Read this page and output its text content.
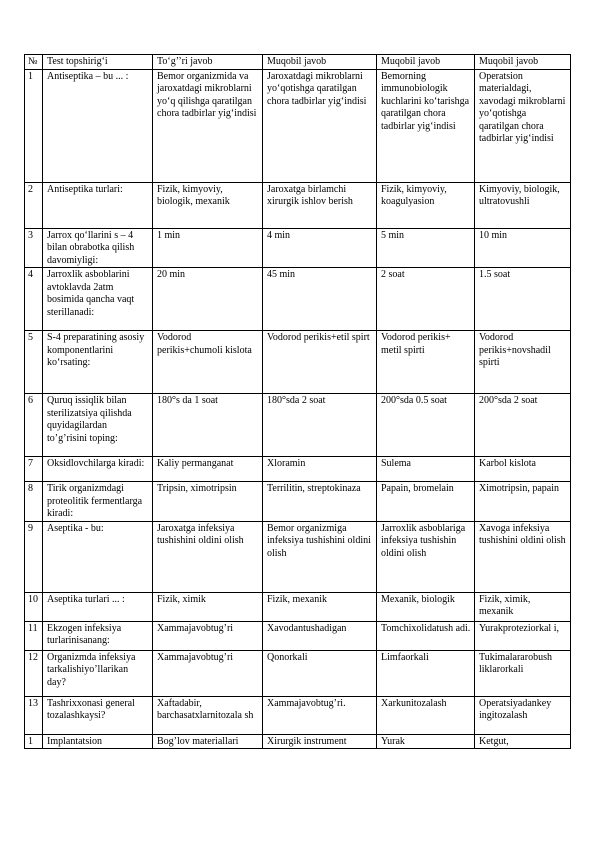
№	Test topshirig‘i	To‘g’’ri javob	Muqobil javob	Muqobil javob	Muqobil javob
1	Antiseptika – bu ... :	Bemor organizmida va jaroxatdagi mikroblarni yo‘q qilishga qaratilgan chora tadbirlar yig‘indisi	Jaroxatdagi mikroblarni yo‘qotishga qaratilgan chora tadbirlar yig‘indisi	Bemorning immunobiologik kuchlarini ko‘tarishga qaratilgan chora tadbirlar yig‘indisi	Operatsion materialdagi, xavodagi mikroblarni yo‘qotishga qaratilgan chora tadbirlar yig‘indisi
2	Antiseptika turlari:	Fizik, kimyoviy, biologik, mexanik	Jaroxatga birlamchi xirurgik ishlov berish	Fizik, kimyoviy, koagulyasion	Kimyoviy, biologik, ultratovushli
3	Jarrox qo‘llarini s – 4 bilan obrabotka qilish davomiyligi:	1 min	4 min	5 min	10 min
4	Jarroxlik asboblarini avtoklavda 2atm bosimida qancha vaqt sterillanadi:	20 min	45 min	2 soat	1.5 soat
5	S-4 preparatining asosiy komponentlarini ko‘rsating:	Vodorod perikis+chumoli kislota	Vodorod perikis+etil spirt	Vodorod perikis+ metil spirti	Vodorod perikis+novshadil spirti
6	Quruq issiqlik bilan sterilizatsiya qilishda quyidagilardan to’g’risini toping:	180°s da 1 soat	180°sda 2 soat	200°sda 0.5 soat	200°sda 2 soat
7	Oksidlovchilarga kiradi:	Kaliy permanganat	Xloramin	Sulema	Karbol kislota
8	Tirik organizmdagi proteolitik fermentlarga kiradi:	Tripsin, ximotripsin	Terrilitin, streptokinaza	Papain, bromelain	Ximotripsin, papain
9	Aseptika - bu:	Jaroxatga infeksiya tushishini oldini olish	Bemor organizmiga infeksiya tushishini oldini olish	Jarroxlik asboblariga infeksiya tushishin oldini olish	Xavoga infeksiya tushishini oldini olish
10	Aseptika turlari ... :	Fizik, ximik	Fizik, mexanik	Mexanik, biologik	Fizik, ximik, mexanik
11	Ekzogen infeksiya turlarinisanang:	Xammajavobtug’ri	Xavodantushadigan	Tomchixolidatush adi.	Yurakproteziorkal i,
12	Organizmda infeksiya tarkalishiyo’llarikan day?	Xammajavobtug’ri	Qonorkali	Limfaorkali	Tukimalararobush liklarorkali
13	Tashrixxonasi general tozalashkaysi?	Xaftadabir, barchasatxlarnitozala sh	Xammajavobtug’ri.	Xarkunitozalash	Operatsiyadankey ingitozalash
1	Implantatsion	Bog’lov materiallari	Xirurgik instrument	Yurak	Ketgut,
